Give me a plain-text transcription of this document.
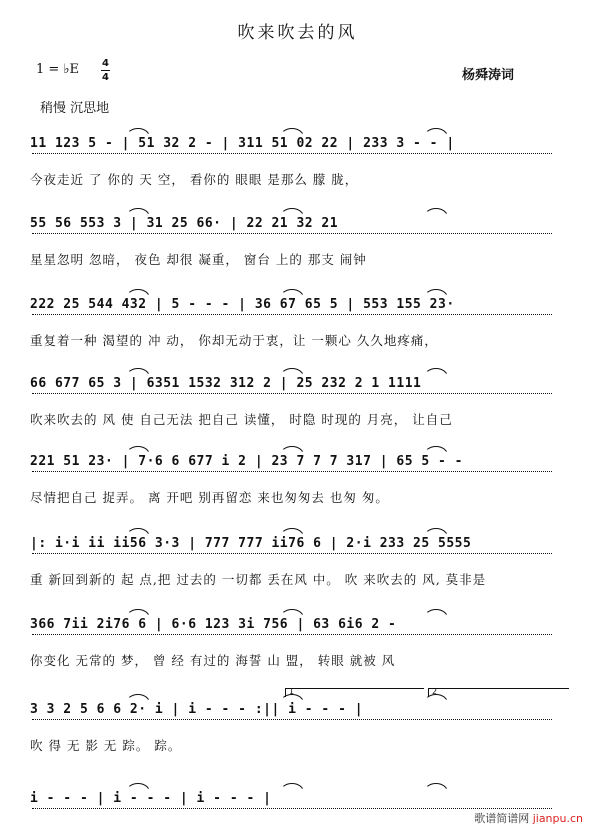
吹来吹去的风
1 = ♭E 4
4	杨舜涛词
稍慢 沉思地
11 123 5 - | 51 32 2 - | 311 51 02 22 | 233 3 - - |
今夜走近 了 你的 天 空， 看你的 眼眼 是那么 朦 胧，
55 56 553 3 | 31 25 66· | 22 21 32 21
星星忽明 忽暗， 夜色 却很 凝重， 窗台 上的 那支 闹钟
222 25 544 432 | 5 - - - | 36 67 65 5 | 553 155 23·
重复着一种 渴望的 冲 动， 你却无动于衷，让 一颗心 久久地疼痛，
66 677 65 3 | 6351 1532 312 2 | 25 232 2 1 1111
吹来吹去的 风 使 自己无法 把自己 读懂， 时隐 时现的 月亮， 让自己
221 51 23· | 7·6 6 677 i 2 | 23 7 7 7 317 | 65 5 - -
尽情把自己 捉弄。 离 开吧 别再留恋 来也匆匆去 也匆 匆。
|: i·i ii ii56 3·3 | 777 777 ii76 6 | 2·i 233 25 5555
重 新回到新的 起 点,把 过去的 一切都 丢在风 中。 吹 来吹去的 风, 莫非是
366 7ii 2i76 6 | 6·6 123 3i 756 | 63 6i6 2 -
你变化 无常的 梦， 曾 经 有过的 海誓 山 盟， 转眼 就被 风
3 3 2 5 6 6 2· i | i - - - :|| i - - - |
吹 得 无 影 无 踪。 踪。
i - - - | i - - - | i - - - |
1	2
歌谱简谱网 jianpu.cn
